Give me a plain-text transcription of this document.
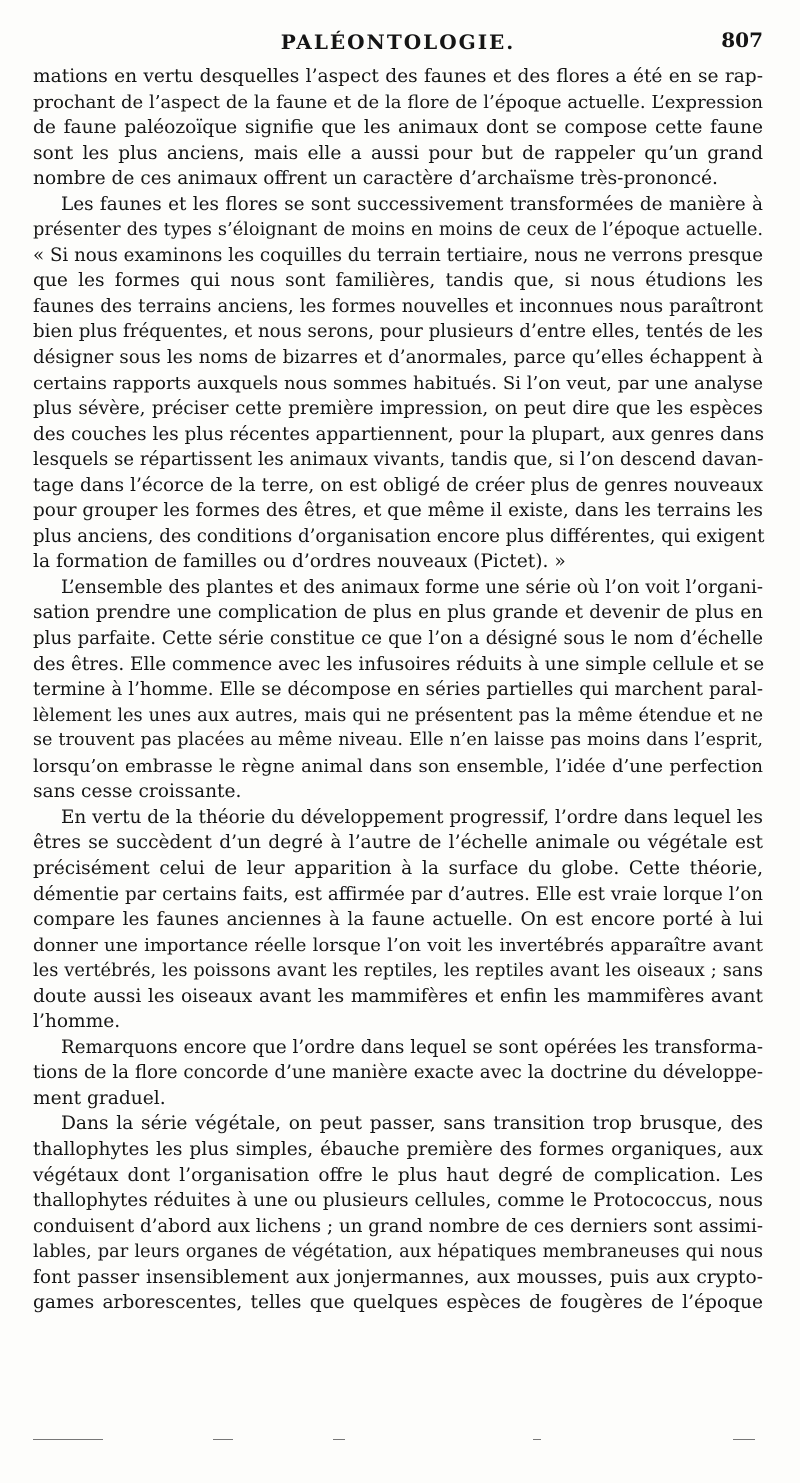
PALÉONTOLOGIE.	807
mations en vertu desquelles l’aspect des faunes et des flores a été en se rap-
prochant de l’aspect de la faune et de la flore de l’époque actuelle. L’expression
de faune paléozoïque signifie que les animaux dont se compose cette faune
sont les plus anciens, mais elle a aussi pour but de rappeler qu’un grand
nombre de ces animaux offrent un caractère d’archaïsme très-prononcé.
Les faunes et les flores se sont successivement transformées de manière à
présenter des types s’éloignant de moins en moins de ceux de l’époque actuelle.
« Si nous examinons les coquilles du terrain tertiaire, nous ne verrons presque
que les formes qui nous sont familières, tandis que, si nous étudions les
faunes des terrains anciens, les formes nouvelles et inconnues nous paraîtront
bien plus fréquentes, et nous serons, pour plusieurs d’entre elles, tentés de les
désigner sous les noms de bizarres et d’anormales, parce qu’elles échappent à
certains rapports auxquels nous sommes habitués. Si l’on veut, par une analyse
plus sévère, préciser cette première impression, on peut dire que les espèces
des couches les plus récentes appartiennent, pour la plupart, aux genres dans
lesquels se répartissent les animaux vivants, tandis que, si l’on descend davan-
tage dans l’écorce de la terre, on est obligé de créer plus de genres nouveaux
pour grouper les formes des êtres, et que même il existe, dans les terrains les
plus anciens, des conditions d’organisation encore plus différentes, qui exigent
la formation de familles ou d’ordres nouveaux (Pictet). »
L’ensemble des plantes et des animaux forme une série où l’on voit l’organi-
sation prendre une complication de plus en plus grande et devenir de plus en
plus parfaite. Cette série constitue ce que l’on a désigné sous le nom d’échelle
des êtres. Elle commence avec les infusoires réduits à une simple cellule et se
termine à l’homme. Elle se décompose en séries partielles qui marchent paral-
lèlement les unes aux autres, mais qui ne présentent pas la même étendue et ne
se trouvent pas placées au même niveau. Elle n’en laisse pas moins dans l’esprit,
lorsqu’on embrasse le règne animal dans son ensemble, l’idée d’une perfection
sans cesse croissante.
En vertu de la théorie du développement progressif, l’ordre dans lequel les
êtres se succèdent d’un degré à l’autre de l’échelle animale ou végétale est
précisément celui de leur apparition à la surface du globe. Cette théorie,
démentie par certains faits, est affirmée par d’autres. Elle est vraie lorque l’on
compare les faunes anciennes à la faune actuelle. On est encore porté à lui
donner une importance réelle lorsque l’on voit les invertébrés apparaître avant
les vertébrés, les poissons avant les reptiles, les reptiles avant les oiseaux ; sans
doute aussi les oiseaux avant les mammifères et enfin les mammifères avant
l’homme.
Remarquons encore que l’ordre dans lequel se sont opérées les transforma-
tions de la flore concorde d’une manière exacte avec la doctrine du développe-
ment graduel.
Dans la série végétale, on peut passer, sans transition trop brusque, des
thallophytes les plus simples, ébauche première des formes organiques, aux
végétaux dont l’organisation offre le plus haut degré de complication. Les
thallophytes réduites à une ou plusieurs cellules, comme le Protococcus, nous
conduisent d’abord aux lichens ; un grand nombre de ces derniers sont assimi-
lables, par leurs organes de végétation, aux hépatiques membraneuses qui nous
font passer insensiblement aux jonjermannes, aux mousses, puis aux crypto-
games arborescentes, telles que quelques espèces de fougères de l’époque
